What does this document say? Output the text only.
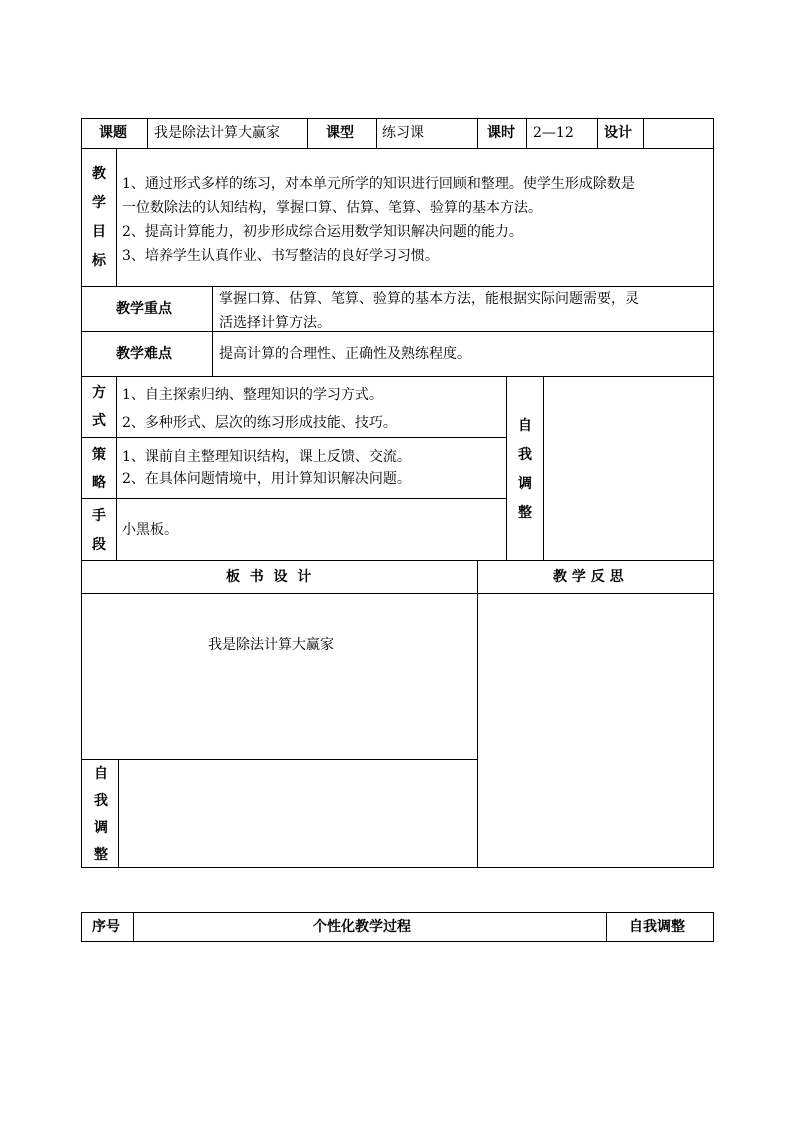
课题 我是除法计算大赢家	课型 练习课	课时 2—12 设计
教
学
目
标
1、通过形式多样的练习，对本单元所学的知识进行回顾和整理。使学生形成除数是
一位数除法的认知结构，掌握口算、估算、笔算、验算的基本方法。
2、提高计算能力，初步形成综合运用数学知识解决问题的能力。
3、培养学生认真作业、书写整洁的良好学习习惯。
教学重点
掌握口算、估算、笔算、验算的基本方法，能根据实际问题需要，灵
活选择计算方法。
教学难点	提高计算的合理性、正确性及熟练程度。
方
式
1、自主探索归纳、整理知识的学习方式。
2、多种形式、层次的练习形成技能、技巧。
策
略
1、课前自主整理知识结构，课上反馈、交流。
2、在具体问题情境中，用计算知识解决问题。
手
段
小黑板。
自
我
调
整
板  书  设  计	教 学 反 思
我是除法计算大赢家
自
我
调
整
序号	个性化教学过程	自我调整
